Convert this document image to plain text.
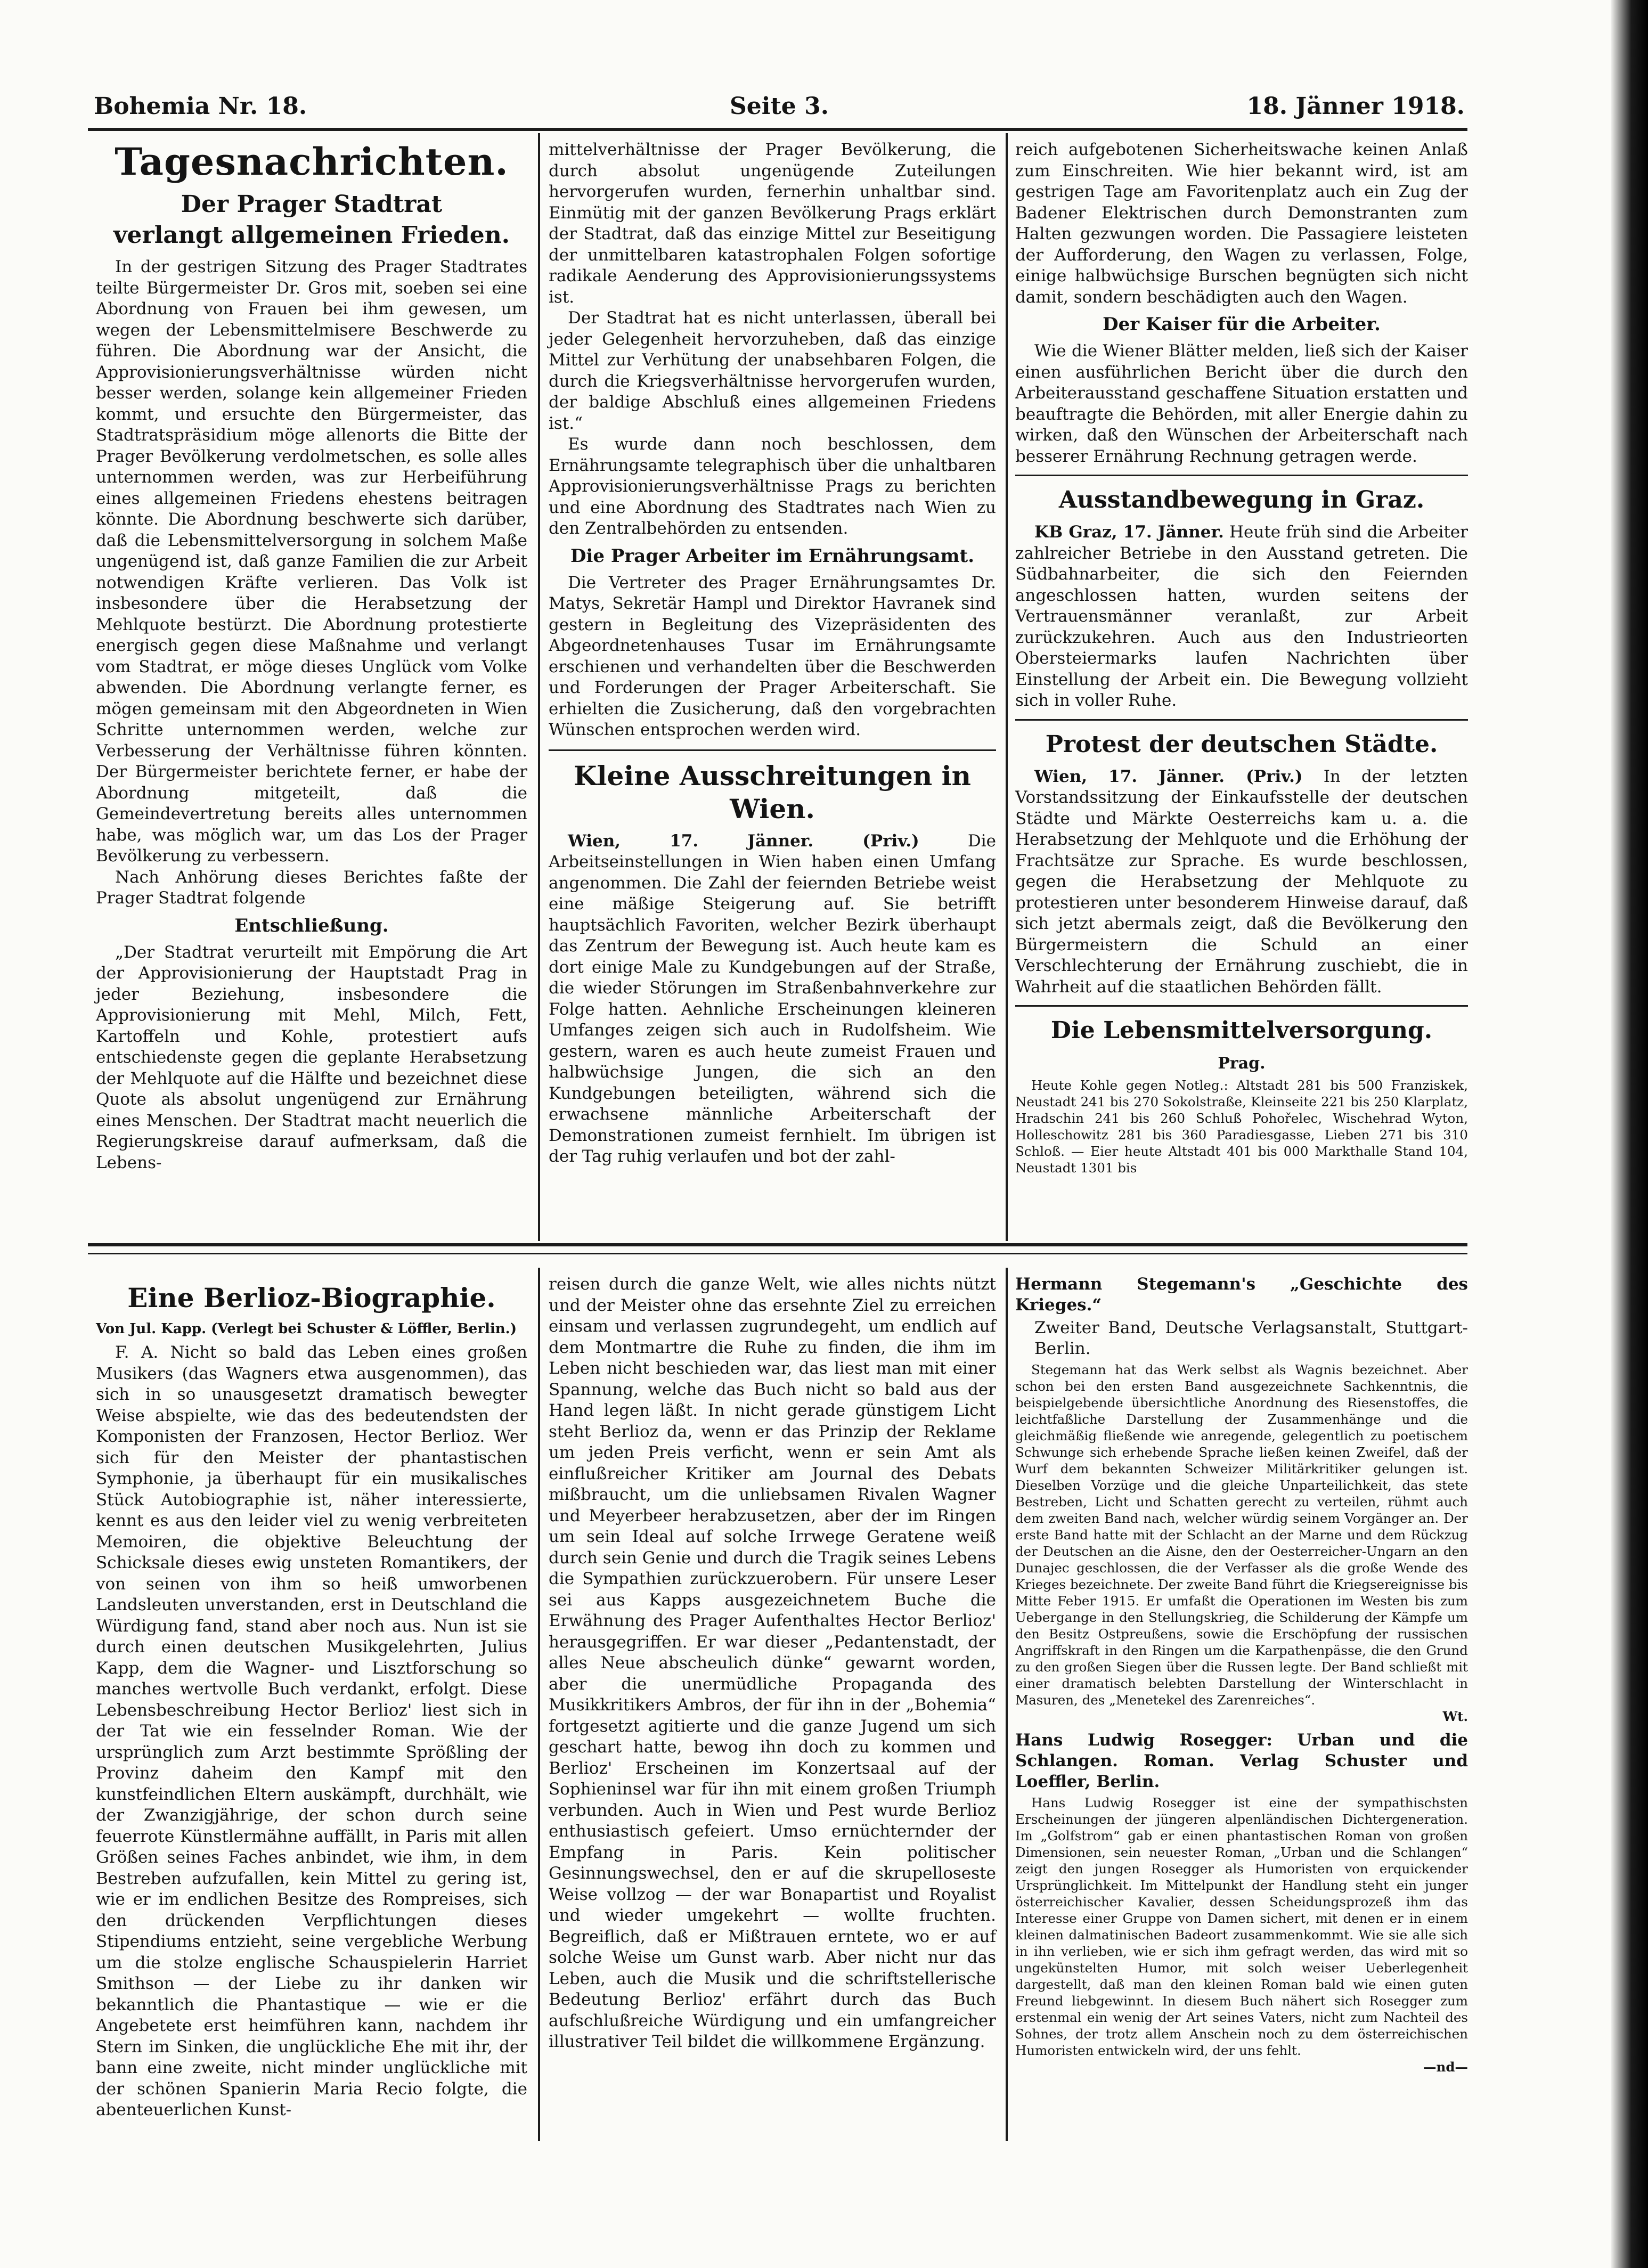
Bohemia Nr. 18.	Seite 3.	18. Jänner 1918.
Tagesnachrichten.
Der Prager Stadtrat
verlangt allgemeinen Frieden.

In der gestrigen Sitzung des Prager Stadtrates teilte Bürgermeister Dr. Gros mit, soeben sei eine Abordnung von Frauen bei ihm gewesen, um wegen der Lebensmittelmisere Beschwerde zu führen. Die Abordnung war der Ansicht, die Approvisionierungsverhältnisse würden nicht besser werden, solange kein allgemeiner Frieden kommt, und ersuchte den Bürgermeister, das Stadtratspräsidium möge allenorts die Bitte der Prager Bevölkerung verdolmetschen, es solle alles unternommen werden, was zur Herbeiführung eines allgemeinen Friedens ehestens beitragen könnte. Die Abordnung beschwerte sich darüber, daß die Lebensmittelversorgung in solchem Maße ungenügend ist, daß ganze Familien die zur Arbeit notwendigen Kräfte verlieren. Das Volk ist insbesondere über die Herabsetzung der Mehlquote bestürzt. Die Abordnung protestierte energisch gegen diese Maßnahme und verlangt vom Stadtrat, er möge dieses Unglück vom Volke abwenden. Die Abordnung verlangte ferner, es mögen gemeinsam mit den Abgeordneten in Wien Schritte unternommen werden, welche zur Verbesserung der Verhältnisse führen könnten. Der Bürgermeister berichtete ferner, er habe der Abordnung mitgeteilt, daß die Gemeindevertretung bereits alles unternommen habe, was möglich war, um das Los der Prager Bevölkerung zu verbessern.

Nach Anhörung dieses Berichtes faßte der Prager Stadtrat folgende

Entschließung.

„Der Stadtrat verurteilt mit Empörung die Art der Approvisionierung der Hauptstadt Prag in jeder Beziehung, insbesondere die Approvisionierung mit Mehl, Milch, Fett, Kartoffeln und Kohle, protestiert aufs entschiedenste gegen die geplante Herabsetzung der Mehlquote auf die Hälfte und bezeichnet diese Quote als absolut ungenügend zur Ernährung eines Menschen. Der Stadtrat macht neuerlich die Regierungskreise darauf aufmerksam, daß die Lebens-

mittelverhältnisse der Prager Bevölkerung, die durch absolut ungenügende Zuteilungen hervorgerufen wurden, fernerhin unhaltbar sind. Einmütig mit der ganzen Bevölkerung Prags erklärt der Stadtrat, daß das einzige Mittel zur Beseitigung der unmittelbaren katastrophalen Folgen sofortige radikale Aenderung des Approvisionierungssystems ist.

Der Stadtrat hat es nicht unterlassen, überall bei jeder Gelegenheit hervorzuheben, daß das einzige Mittel zur Verhütung der unabsehbaren Folgen, die durch die Kriegsverhältnisse hervorgerufen wurden, der baldige Abschluß eines allgemeinen Friedens ist.“

Es wurde dann noch beschlossen, dem Ernährungsamte telegraphisch über die unhaltbaren Approvisionierungsverhältnisse Prags zu berichten und eine Abordnung des Stadtrates nach Wien zu den Zentralbehörden zu entsenden.

Die Prager Arbeiter im Ernährungsamt.

Die Vertreter des Prager Ernährungsamtes Dr. Matys, Sekretär Hampl und Direktor Havranek sind gestern in Begleitung des Vizepräsidenten des Abgeordnetenhauses Tusar im Ernährungsamte erschienen und verhandelten über die Beschwerden und Forderungen der Prager Arbeiterschaft. Sie erhielten die Zusicherung, daß den vorgebrachten Wünschen entsprochen werden wird.

Kleine Ausschreitungen in Wien.

Wien, 17. Jänner. (Priv.)	Die Arbeitseinstellungen in Wien haben einen Umfang angenommen. Die Zahl der feiernden Betriebe weist eine mäßige Steigerung auf. Sie betrifft hauptsächlich Favoriten, welcher Bezirk überhaupt das Zentrum der Bewegung ist. Auch heute kam es dort einige Male zu Kundgebungen auf der Straße, die wieder Störungen im Straßenbahnverkehre zur Folge hatten. Aehnliche Erscheinungen kleineren Umfanges zeigen sich auch in Rudolfsheim. Wie gestern, waren es auch heute zumeist Frauen und halbwüchsige Jungen, die sich an den Kundgebungen beteiligten, während sich die erwachsene männliche Arbeiterschaft der Demonstrationen zumeist fernhielt. Im übrigen ist der Tag ruhig verlaufen und bot der zahl-

reich aufgebotenen Sicherheitswache keinen Anlaß zum Einschreiten. Wie hier bekannt wird, ist am gestrigen Tage am Favoritenplatz auch ein Zug der Badener Elektrischen durch Demonstranten zum Halten gezwungen worden. Die Passagiere leisteten der Aufforderung, den Wagen zu verlassen, Folge, einige halbwüchsige Burschen begnügten sich nicht damit, sondern beschädigten auch den Wagen.

Der Kaiser für die Arbeiter.

Wie die Wiener Blätter melden, ließ sich der Kaiser einen ausführlichen Bericht über die durch den Arbeiterausstand geschaffene Situation erstatten und beauftragte die Behörden, mit aller Energie dahin zu wirken, daß den Wünschen der Arbeiterschaft nach besserer Ernährung Rechnung getragen werde.

Ausstandbewegung in Graz.

KB Graz, 17. Jänner. Heute früh sind die Arbeiter zahlreicher Betriebe in den Ausstand getreten. Die Südbahnarbeiter, die sich den Feiernden angeschlossen hatten, wurden seitens der Vertrauensmänner veranlaßt, zur Arbeit zurückzukehren. Auch aus den Industrieorten Obersteiermarks laufen Nachrichten über Einstellung der Arbeit ein. Die Bewegung vollzieht sich in voller Ruhe.

Protest der deutschen Städte.

Wien, 17. Jänner. (Priv.) In der letzten Vorstandssitzung der Einkaufsstelle der deutschen Städte und Märkte Oesterreichs kam u. a. die Herabsetzung der Mehlquote und die Erhöhung der Frachtsätze zur Sprache. Es wurde beschlossen, gegen die Herabsetzung der Mehlquote zu protestieren unter besonderem Hinweise darauf, daß sich jetzt abermals zeigt, daß die Bevölkerung den Bürgermeistern die Schuld an einer Verschlechterung der Ernährung zuschiebt, die in Wahrheit auf die staatlichen Behörden fällt.

Die Lebensmittelversorgung.
Prag.

Heute Kohle gegen Notleg.: Altstadt 281 bis 500 Franziskek, Neustadt 241 bis 270 Sokolstraße, Kleinseite 221 bis 250 Klarplatz, Hradschin 241 bis 260 Schluß Pohořelec, Wischehrad Wyton, Holleschowitz 281 bis 360 Paradiesgasse, Lieben 271 bis 310 Schloß. — Eier heute Altstadt 401 bis 000 Markthalle Stand 104, Neustadt 1301 bis

Eine Berlioz-Biographie.
Von Jul. Kapp. (Verlegt bei Schuster & Löffler, Berlin.)

F. A. Nicht so bald das Leben eines großen Musikers (das Wagners etwa ausgenommen), das sich in so unausgesetzt dramatisch bewegter Weise abspielte, wie das des bedeutendsten der Komponisten der Franzosen, Hector Berlioz. Wer sich für den Meister der phantastischen Symphonie, ja überhaupt für ein musikalisches Stück Autobiographie ist, näher interessierte, kennt es aus den leider viel zu wenig verbreiteten Memoiren, die objektive Beleuchtung der Schicksale dieses ewig unsteten Romantikers, der von seinen von ihm so heiß umworbenen Landsleuten unverstanden, erst in Deutschland die Würdigung fand, stand aber noch aus. Nun ist sie durch einen deutschen Musikgelehrten, Julius Kapp, dem die Wagner- und Lisztforschung so manches wertvolle Buch verdankt, erfolgt. Diese Lebensbeschreibung Hector Berlioz' liest sich in der Tat wie ein fesselnder Roman. Wie der ursprünglich zum Arzt bestimmte Sprößling der Provinz daheim den Kampf mit den kunstfeindlichen Eltern auskämpft, durchhält, wie der Zwanzigjährige, der schon durch seine feuerrote Künstlermähne auffällt, in Paris mit allen Größen seines Faches anbindet, wie ihm, in dem Bestreben aufzufallen, kein Mittel zu gering ist, wie er im endlichen Besitze des Rompreises, sich den drückenden Verpflichtungen dieses Stipendiums entzieht, seine vergebliche Werbung um die stolze englische Schauspielerin Harriet Smithson — der Liebe zu ihr danken wir bekanntlich die Phantastique — wie er die Angebetete erst heimführen kann, nachdem ihr Stern im Sinken, die unglückliche Ehe mit ihr, der bann eine zweite, nicht minder unglückliche mit der schönen Spanierin Maria Recio folgte, die abenteuerlichen Kunst-

reisen durch die ganze Welt, wie alles nichts nützt und der Meister ohne das ersehnte Ziel zu erreichen einsam und verlassen zugrundegeht, um endlich auf dem Montmartre die Ruhe zu finden, die ihm im Leben nicht beschieden war, das liest man mit einer Spannung, welche das Buch nicht so bald aus der Hand legen läßt. In nicht gerade günstigem Licht steht Berlioz da, wenn er das Prinzip der Reklame um jeden Preis verficht, wenn er sein Amt als einflußreicher Kritiker am Journal des Debats mißbraucht, um die unliebsamen Rivalen Wagner und Meyerbeer herabzusetzen, aber der im Ringen um sein Ideal auf solche Irrwege Geratene weiß durch sein Genie und durch die Tragik seines Lebens die Sympathien zurückzuerobern. Für unsere Leser sei aus Kapps ausgezeichnetem Buche die Erwähnung des Prager Aufenthaltes Hector Berlioz' herausgegriffen. Er war dieser „Pedantenstadt, der alles Neue abscheulich dünke“ gewarnt worden, aber die unermüdliche Propaganda des Musikkritikers Ambros, der für ihn in der „Bohemia“ fortgesetzt agitierte und die ganze Jugend um sich geschart hatte, bewog ihn doch zu kommen und Berlioz' Erscheinen im Konzertsaal auf der Sophieninsel war für ihn mit einem großen Triumph verbunden. Auch in Wien und Pest wurde Berlioz enthusiastisch gefeiert. Umso ernüchternder der Empfang in Paris. Kein politischer Gesinnungswechsel, den er auf die skrupelloseste Weise vollzog — der war Bonapartist und Royalist und wieder umgekehrt — wollte fruchten. Begreiflich, daß er Mißtrauen erntete, wo er auf solche Weise um Gunst warb. Aber nicht nur das Leben, auch die Musik und die schriftstellerische Bedeutung Berlioz' erfährt durch das Buch aufschlußreiche Würdigung und ein umfangreicher illustrativer Teil bildet die willkommene Ergänzung.

Hermann Stegemann's „Geschichte des Krieges.“
Zweiter Band, Deutsche Verlagsanstalt, Stuttgart-Berlin.

Stegemann hat das Werk selbst als Wagnis bezeichnet. Aber schon bei den ersten Band ausgezeichnete Sachkenntnis, die beispielgebende übersichtliche Anordnung des Riesenstoffes, die leichtfaßliche Darstellung der Zusammenhänge und die gleichmäßig fließende wie anregende, gelegentlich zu poetischem Schwunge sich erhebende Sprache ließen keinen Zweifel, daß der Wurf dem bekannten Schweizer Militärkritiker gelungen ist. Dieselben Vorzüge und die gleiche Unparteilichkeit, das stete Bestreben, Licht und Schatten gerecht zu verteilen, rühmt auch dem zweiten Band nach, welcher würdig seinem Vorgänger an. Der erste Band hatte mit der Schlacht an der Marne und dem Rückzug der Deutschen an die Aisne, den der Oesterreicher-Ungarn an den Dunajec geschlossen, die der Verfasser als die große Wende des Krieges bezeichnete. Der zweite Band führt die Kriegsereignisse bis Mitte Feber 1915. Er umfaßt die Operationen im Westen bis zum Uebergange in den Stellungskrieg, die Schilderung der Kämpfe um den Besitz Ostpreußens, sowie die Erschöpfung der russischen Angriffskraft in den Ringen um die Karpathenpässe, die den Grund zu den großen Siegen über die Russen legte. Der Band schließt mit einer dramatisch belebten Darstellung der Winterschlacht in Masuren, des „Menetekel des Zarenreiches“.

Wt.
Hans Ludwig Rosegger: Urban und die Schlangen. Roman. Verlag Schuster und Loeffler, Berlin.

Hans Ludwig Rosegger ist eine der sympathischsten Erscheinungen der jüngeren alpenländischen Dichtergeneration. Im „Golfstrom“ gab er einen phantastischen Roman von großen Dimensionen, sein neuester Roman, „Urban und die Schlangen“ zeigt den jungen Rosegger als Humoristen von erquickender Ursprünglichkeit. Im Mittelpunkt der Handlung steht ein junger österreichischer Kavalier, dessen Scheidungsprozeß ihm das Interesse einer Gruppe von Damen sichert, mit denen er in einem kleinen dalmatinischen Badeort zusammenkommt. Wie sie alle sich in ihn verlieben, wie er sich ihm gefragt werden, das wird mit so ungekünstelten Humor, mit solch weiser Ueberlegenheit dargestellt, daß man den kleinen Roman bald wie einen guten Freund liebgewinnt. In diesem Buch nähert sich Rosegger zum erstenmal ein wenig der Art seines Vaters, nicht zum Nachteil des Sohnes, der trotz allem Anschein noch zu dem österreichischen Humoristen entwickeln wird, der uns fehlt.

—nd—
